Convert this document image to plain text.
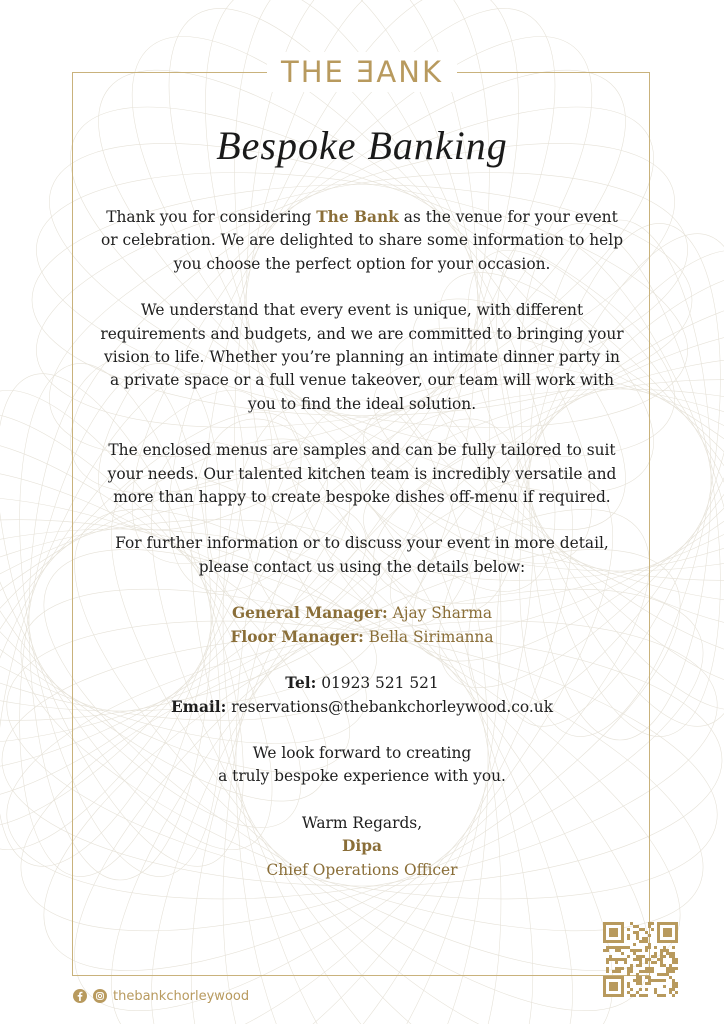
THE ƎANK
Bespoke Banking

Thank you for considering The Bank as the venue for your event or celebration. We are delighted to share some information to help you choose the perfect option for your occasion.

We understand that every event is unique, with different requirements and budgets, and we are committed to bringing your vision to life. Whether you’re planning an intimate dinner party in a private space or a full venue takeover, our team will work with you to find the ideal solution.

The enclosed menus are samples and can be fully tailored to suit your needs. Our talented kitchen team is incredibly versatile and more than happy to create bespoke dishes off-menu if required.

For further information or to discuss your event in more detail, please contact us using the details below:

General Manager: Ajay Sharma

Floor Manager: Bella Sirimanna

Tel: 01923 521 521

Email: reservations@thebankchorleywood.co.uk

We look forward to creating

a truly bespoke experience with you.

Warm Regards,

Dipa

Chief Operations Officer

thebankchorleywood
